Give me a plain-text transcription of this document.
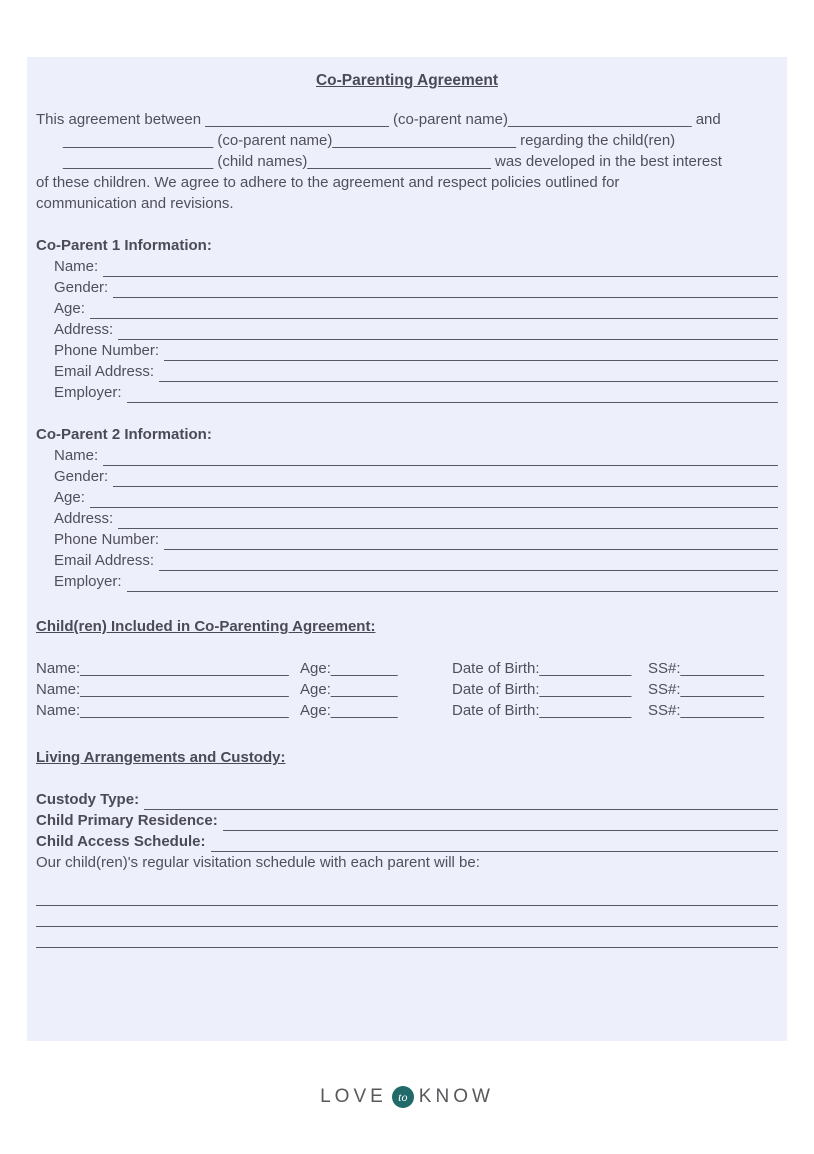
Co-Parenting Agreement
This agreement between ______________________ (co-parent name)______________________ and
__________________ (co-parent name)______________________ regarding the child(ren)
__________________ (child names)______________________ was developed in the best interest
of these children. We agree to adhere to the agreement and respect policies outlined for
communication and revisions.
Co-Parent 1 Information:
Name:
Gender:
Age:
Address:
Phone Number:
Email Address:
Employer:
Co-Parent 2 Information:
Name:
Gender:
Age:
Address:
Phone Number:
Email Address:
Employer:
Child(ren) Included in Co-Parenting Agreement:
Name:_________________________ Age:________	Date of Birth:___________	SS#:__________
Name:_________________________ Age:________	Date of Birth:___________	SS#:__________
Name:_________________________ Age:________	Date of Birth:___________	SS#:__________
Living Arrangements and Custody:
Custody Type:
Child Primary Residence:
Child Access Schedule:
Our child(ren)'s regular visitation schedule with each parent will be:
LOVE to KNOW
